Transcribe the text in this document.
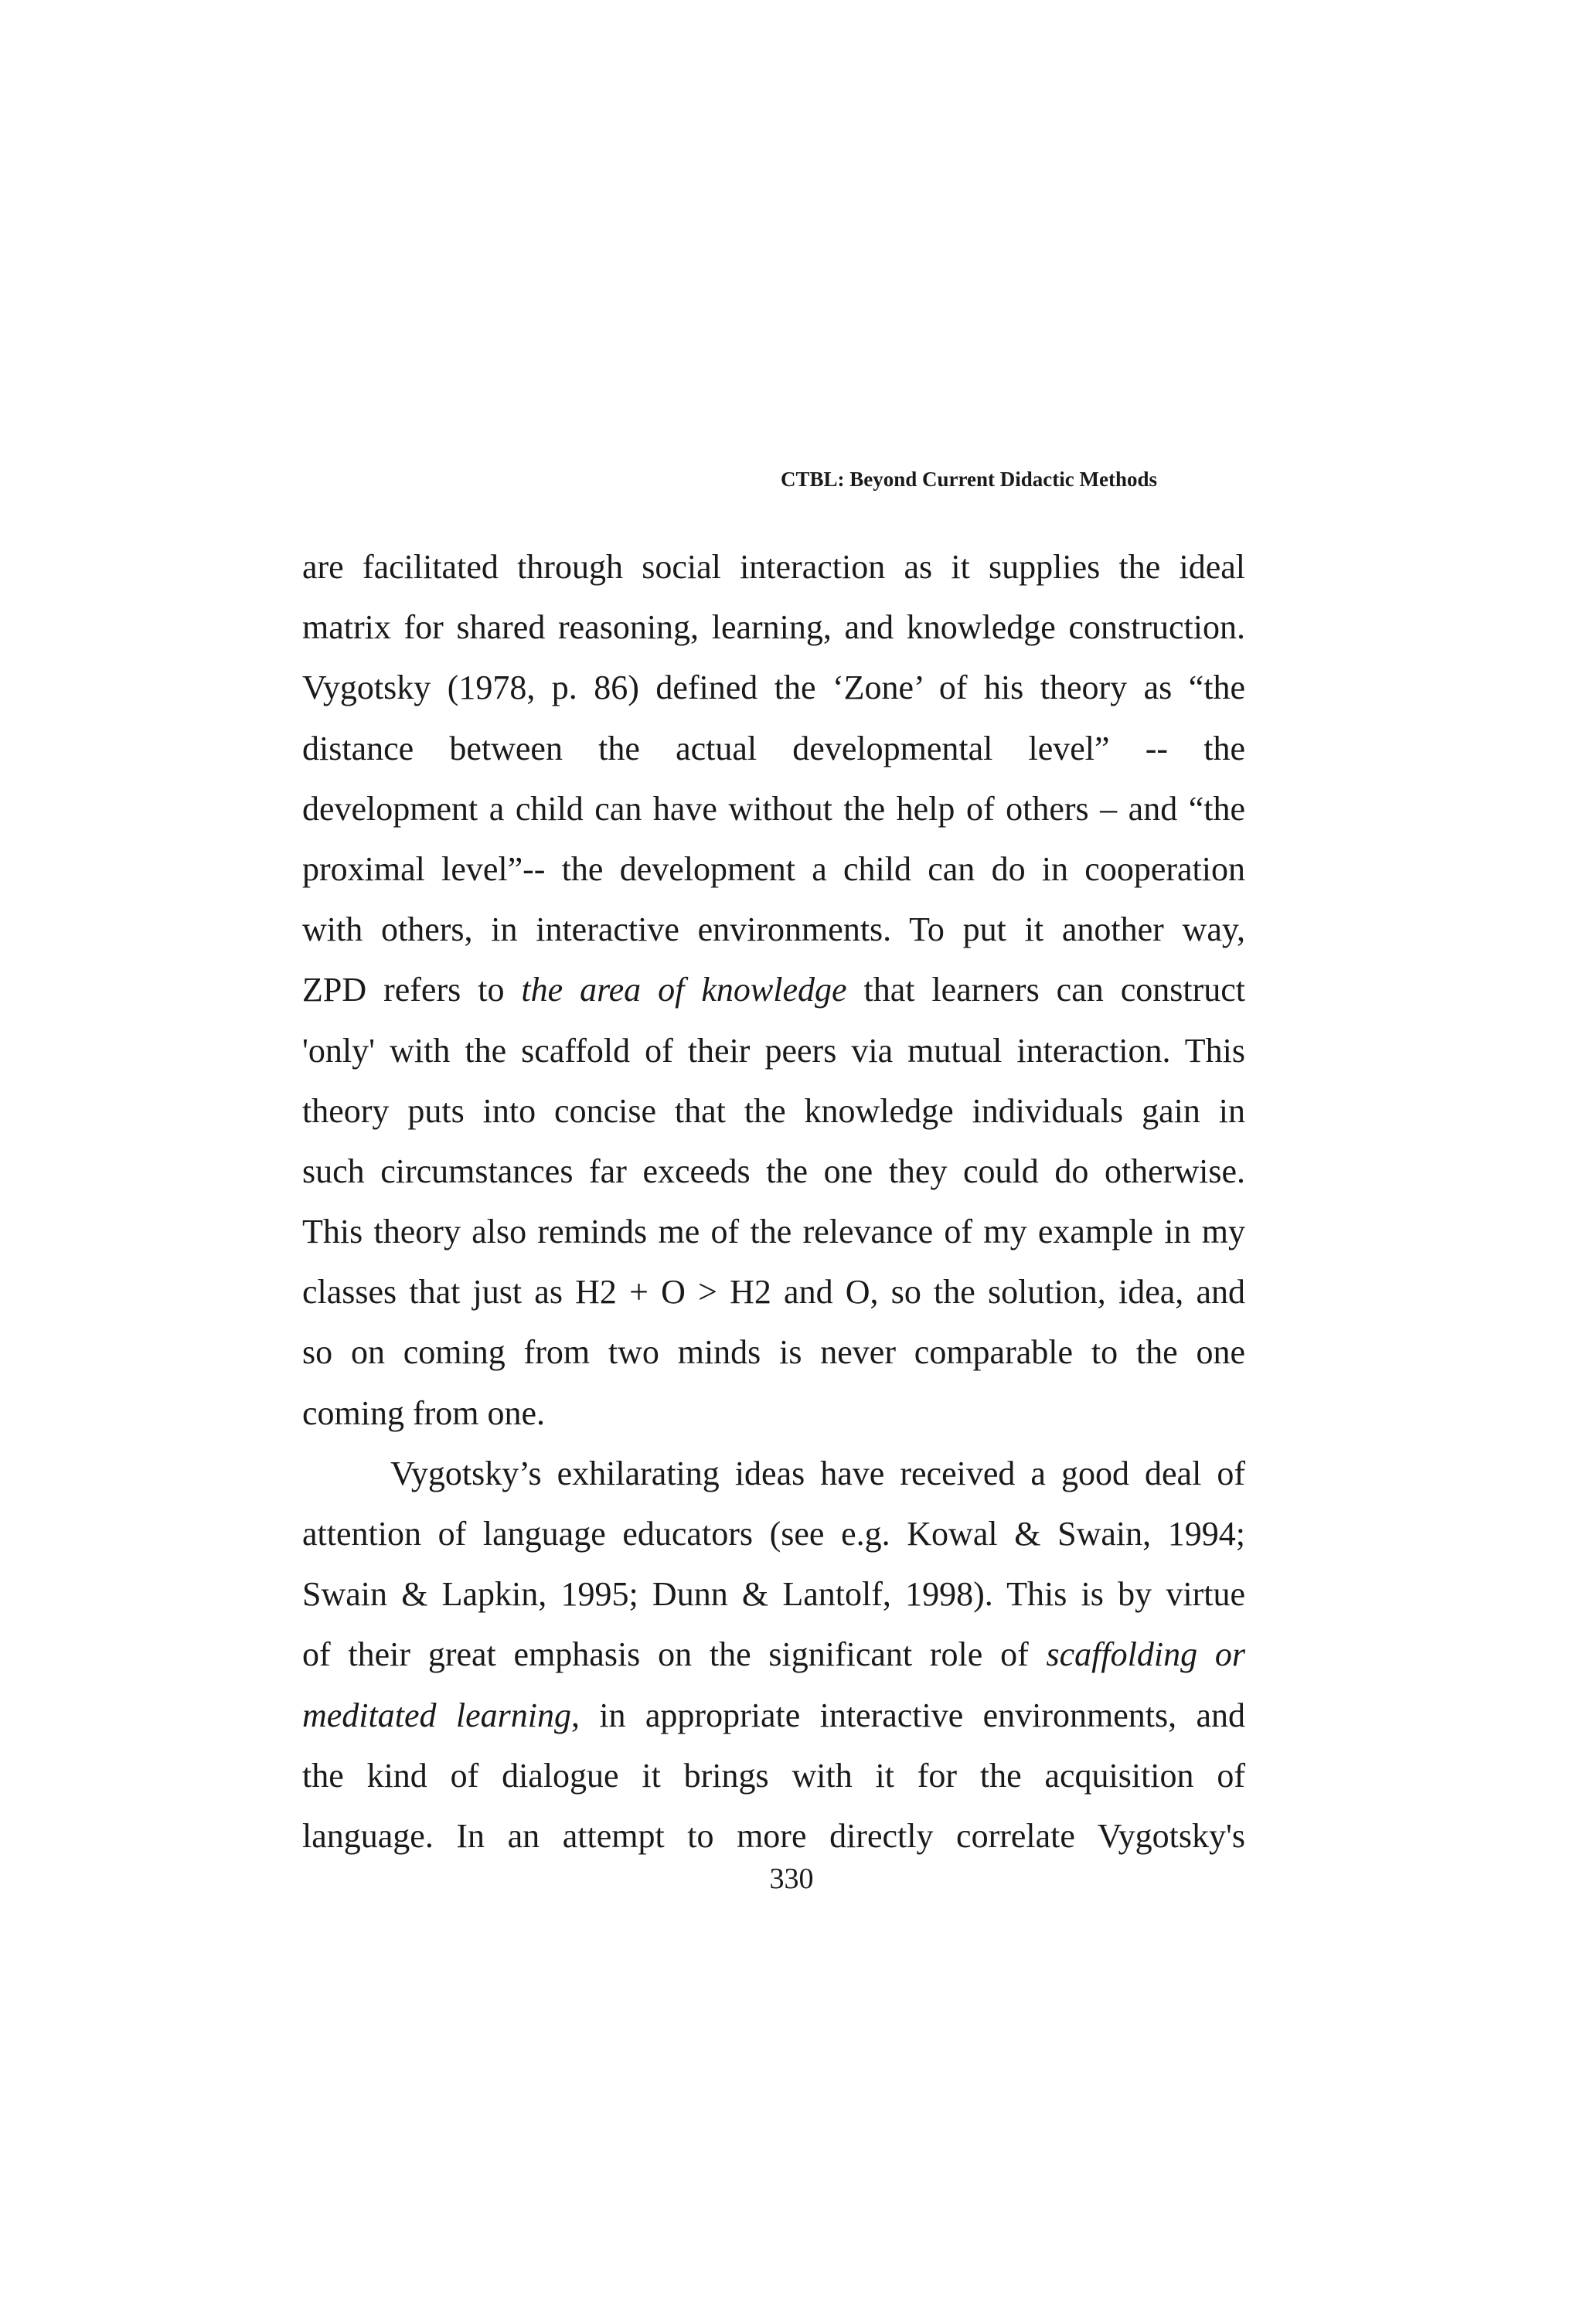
CTBL: Beyond Current Didactic Methods
are facilitated through social interaction as it supplies the ideal
matrix for shared reasoning, learning, and knowledge construction.
Vygotsky (1978, p. 86) defined the ‘Zone’ of his theory as “the
distance between the actual developmental level” -- the
development a child can have without the help of others – and “the
proximal level”-- the development a child can do in cooperation
with others, in interactive environments. To put it another way,
ZPD refers to the area of knowledge that learners can construct
'only' with the scaffold of their peers via mutual interaction. This
theory puts into concise that the knowledge individuals gain in
such circumstances far exceeds the one they could do otherwise.
This theory also reminds me of the relevance of my example in my
classes that just as H2 + O > H2 and O, so the solution, idea, and
so on coming from two minds is never comparable to the one
coming from one.
Vygotsky’s exhilarating ideas have received a good deal of
attention of language educators (see e.g. Kowal & Swain, 1994;
Swain & Lapkin, 1995; Dunn & Lantolf, 1998). This is by virtue
of their great emphasis on the significant role of scaffolding or
meditated learning, in appropriate interactive environments, and
the kind of dialogue it brings with it for the acquisition of
language. In an attempt to more directly correlate Vygotsky's
330
